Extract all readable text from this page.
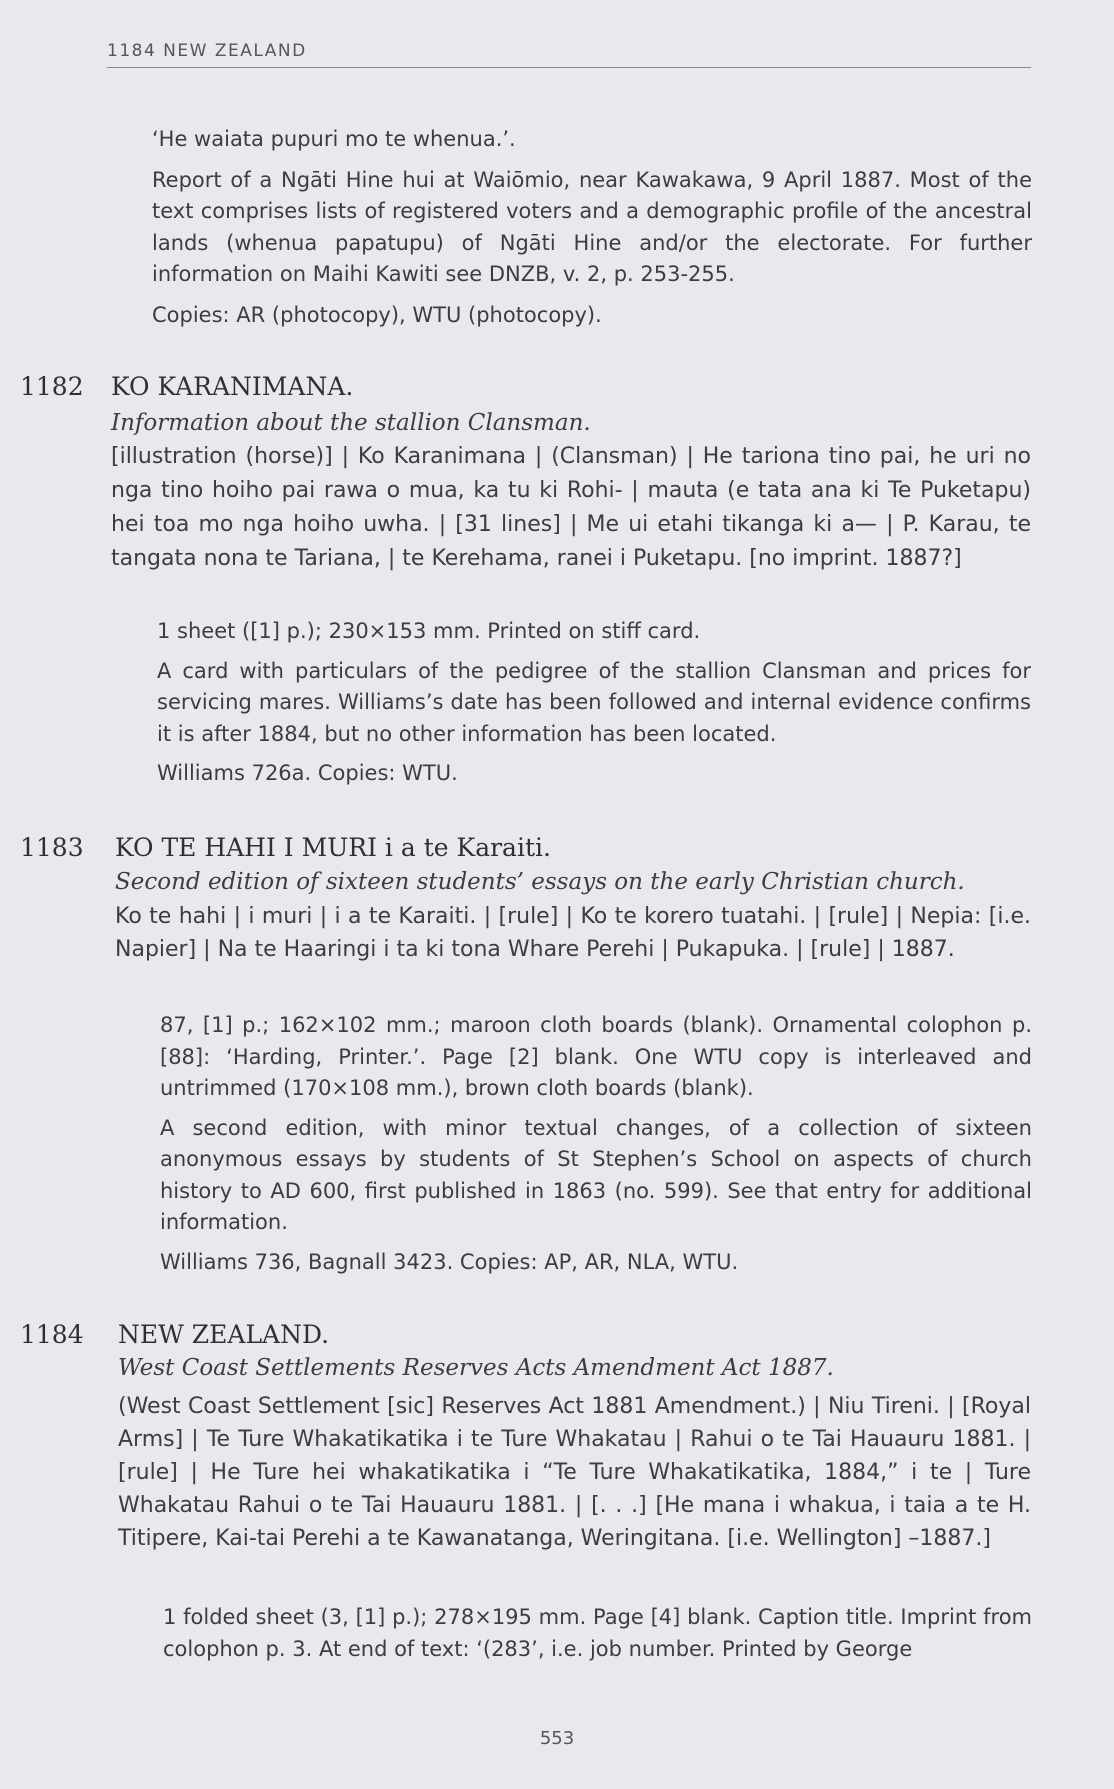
1184 NEW ZEALAND

‘He waiata pupuri mo te whenua.’.

Report of a Ngāti Hine hui at Waiōmio, near Kawakawa, 9 April 1887. Most of the text comprises lists of registered voters and a demographic profile of the ancestral lands (whenua papatupu) of Ngāti Hine and/or the electorate. For further information on Maihi Kawiti see DNZB, v. 2, p. 253-255.

Copies: AR (photocopy), WTU (photocopy).

1182 KO KARANIMANA.
Information about the stallion Clansman.

[illustration (horse)] | Ko Karanimana | (Clansman) | He tariona tino pai, he uri no nga tino hoiho pai rawa o mua, ka tu ki Rohi- | mauta (e tata ana ki Te Puketapu) hei toa mo nga hoiho uwha. | [31 lines] | Me ui etahi tikanga ki a— | P. Karau, te tangata nona te Tariana, | te Kerehama, ranei i Puketapu. [no imprint. 1887?]

1 sheet ([1] p.); 230×153 mm. Printed on stiff card.

A card with particulars of the pedigree of the stallion Clansman and prices for servicing mares. Williams’s date has been followed and internal evidence confirms it is after 1884, but no other information has been located.

Williams 726a. Copies: WTU.

1183 KO TE HAHI I MURI i a te Karaiti.
Second edition of sixteen students’ essays on the early Christian church.

Ko te hahi | i muri | i a te Karaiti. | [rule] | Ko te korero tuatahi. | [rule] | Nepia: [i.e. Napier] | Na te Haaringi i ta ki tona Whare Perehi | Pukapuka. | [rule] | 1887.

87, [1] p.; 162×102 mm.; maroon cloth boards (blank). Ornamental colophon p. [88]: ‘Harding, Printer.’. Page [2] blank. One WTU copy is interleaved and untrimmed (170×108 mm.), brown cloth boards (blank).

A second edition, with minor textual changes, of a collection of sixteen anonymous essays by students of St Stephen’s School on aspects of church history to AD 600, first published in 1863 (no. 599). See that entry for additional information.

Williams 736, Bagnall 3423. Copies: AP, AR, NLA, WTU.

1184 NEW ZEALAND.
West Coast Settlements Reserves Acts Amendment Act 1887.

(West Coast Settlement [sic] Reserves Act 1881 Amendment.) | Niu Tireni. | [Royal Arms] | Te Ture Whakatikatika i te Ture Whakatau | Rahui o te Tai Hauauru 1881. | [rule] | He Ture hei whakatikatika i “Te Ture Whakatikatika, 1884,” i te | Ture Whakatau Rahui o te Tai Hauauru 1881. | [. . .] [He mana i whakua, i taia a te H. Titipere, Kai-tai Perehi a te Kawanatanga, Weringitana. [i.e. Wellington] –1887.]

1 folded sheet (3, [1] p.); 278×195 mm. Page [4] blank. Caption title. Imprint from colophon p. 3. At end of text: ‘(283’, i.e. job number. Printed by George

553
